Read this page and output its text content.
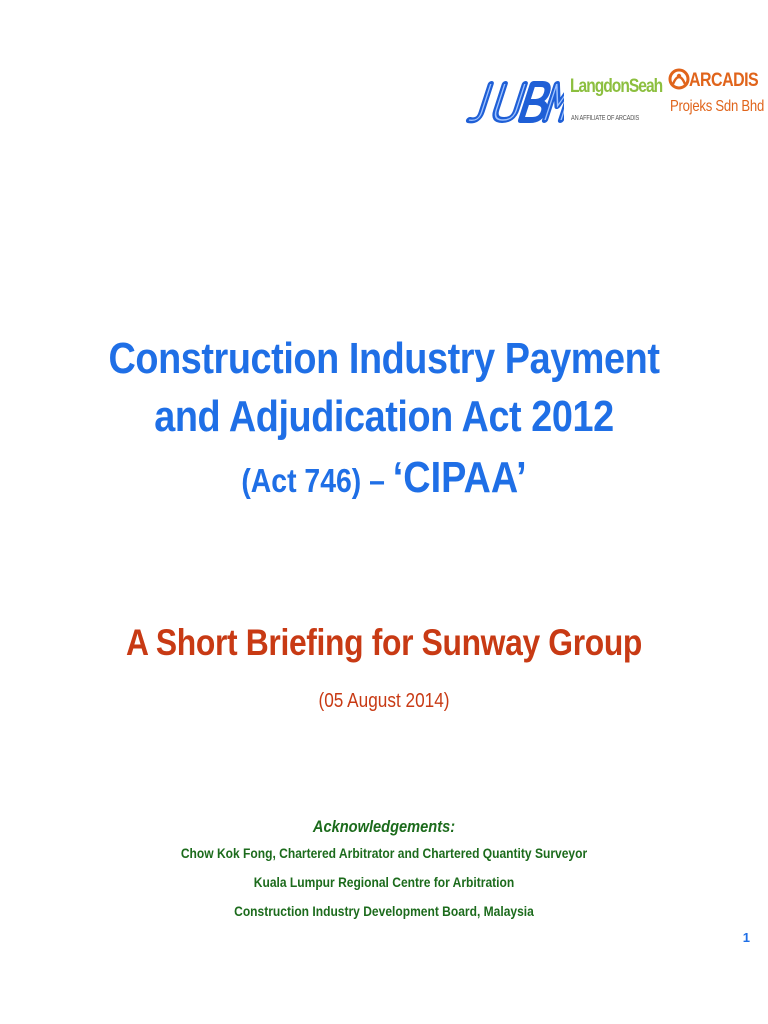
JUBM
LangdonSeah
AN AFFILIATE OF ARCADIS
ARCADIS
Projeks Sdn Bhd
Construction Industry Payment
and Adjudication Act 2012
(Act 746) – ‘CIPAA’
A Short Briefing for Sunway Group
(05 August 2014)
Acknowledgements:
Chow Kok Fong, Chartered Arbitrator and Chartered Quantity Surveyor
Kuala Lumpur Regional Centre for Arbitration
Construction Industry Development Board, Malaysia
1
